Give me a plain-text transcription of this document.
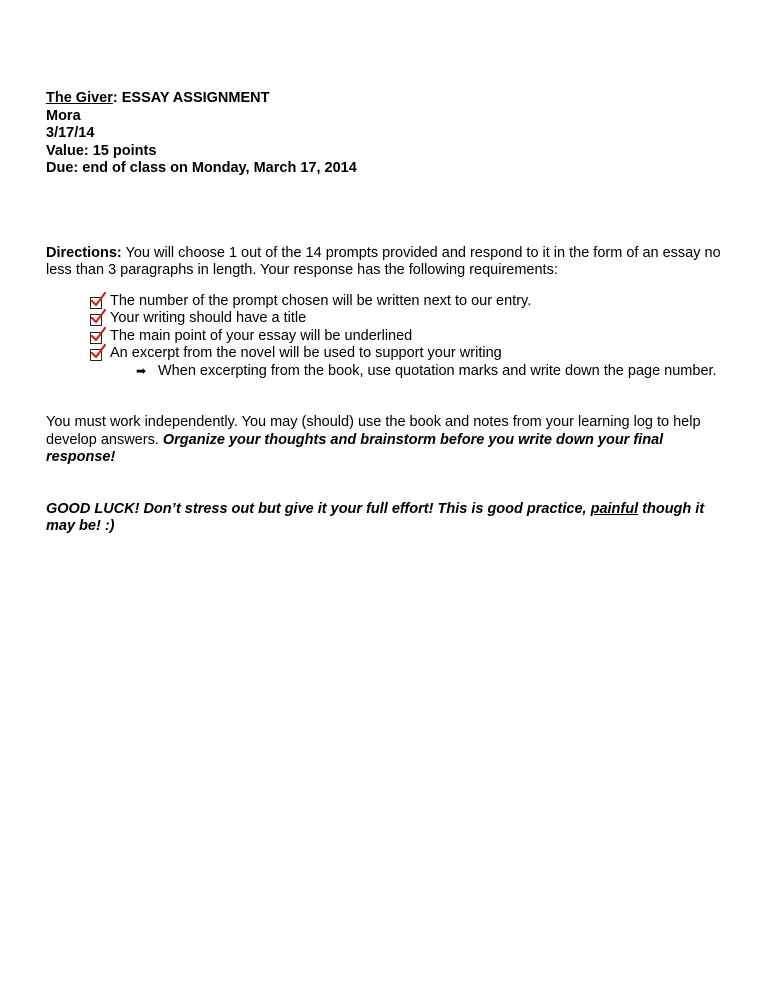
The Giver: ESSAY ASSIGNMENT

Mora

3/17/14

Value: 15 points

Due: end of class on Monday, March 17, 2014

Directions: You will choose 1 out of the 14 prompts provided and respond to it in the form of an essay no less than 3 paragraphs in length. Your response has the following requirements:

The number of the prompt chosen will be written next to our entry.
Your writing should have a title
The main point of your essay will be underlined
An excerpt from the novel will be used to support your writing
➡ When excerpting from the book, use quotation marks and write down the page number.

You must work independently. You may (should) use the book and notes from your learning log to help develop answers. Organize your thoughts and brainstorm before you write down your final response!

GOOD LUCK! Don’t stress out but give it your full effort! This is good practice, painful though it may be! :)
